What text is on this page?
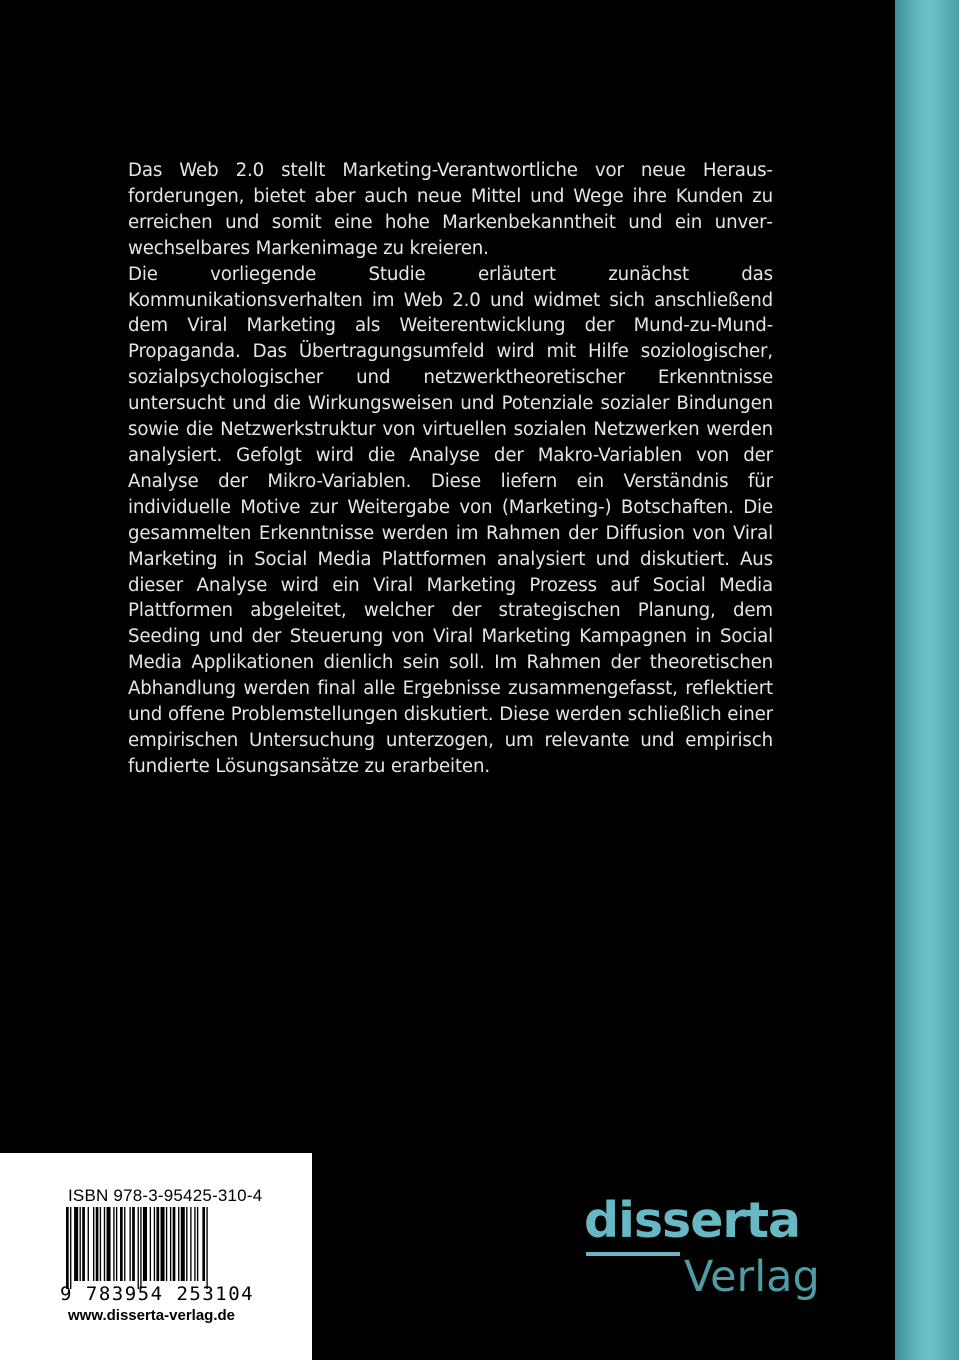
Das Web 2.0 stellt Marketing-Verantwortliche vor neue Herausforderungen, bietet aber auch neue Mittel und Wege ihre Kunden zu erreichen und somit eine hohe Markenbekanntheit und ein unverwechselbares Markenimage zu kreieren.

Die vorliegende Studie erläutert zunächst das Kommunikationsverhalten im Web 2.0 und widmet sich anschließend dem Viral Marketing als Weiterentwicklung der Mund-zu-Mund-Propaganda. Das Übertragungsumfeld wird mit Hilfe soziologischer, sozialpsychologischer und netzwerktheoretischer Erkenntnisse untersucht und die Wirkungsweisen und Potenziale sozialer Bindungen sowie die Netzwerkstruktur von virtuellen sozialen Netzwerken werden analysiert. Gefolgt wird die Analyse der Makro-Variablen von der Analyse der Mikro-Variablen. Diese liefern ein Verständnis für individuelle Motive zur Weitergabe von (Marketing-) Botschaften. Die gesammelten Erkenntnisse werden im Rahmen der Diffusion von Viral Marketing in Social Media Plattformen analysiert und diskutiert. Aus dieser Analyse wird ein Viral Marketing Prozess auf Social Media Plattformen abgeleitet, welcher der strategischen Planung, dem Seeding und der Steuerung von Viral Marketing Kampagnen in Social Media Applikationen dienlich sein soll. Im Rahmen der theoretischen Abhandlung werden final alle Ergebnisse zusammengefasst, reflektiert und offene Problemstellungen diskutiert. Diese werden schließlich einer empirischen Untersuchung unterzogen, um relevante und empirisch fundierte Lösungsansätze zu erarbeiten.

ISBN 978-3-95425-310-4
9 783954 253104
www.disserta-verlag.de
disserta
Verlag
